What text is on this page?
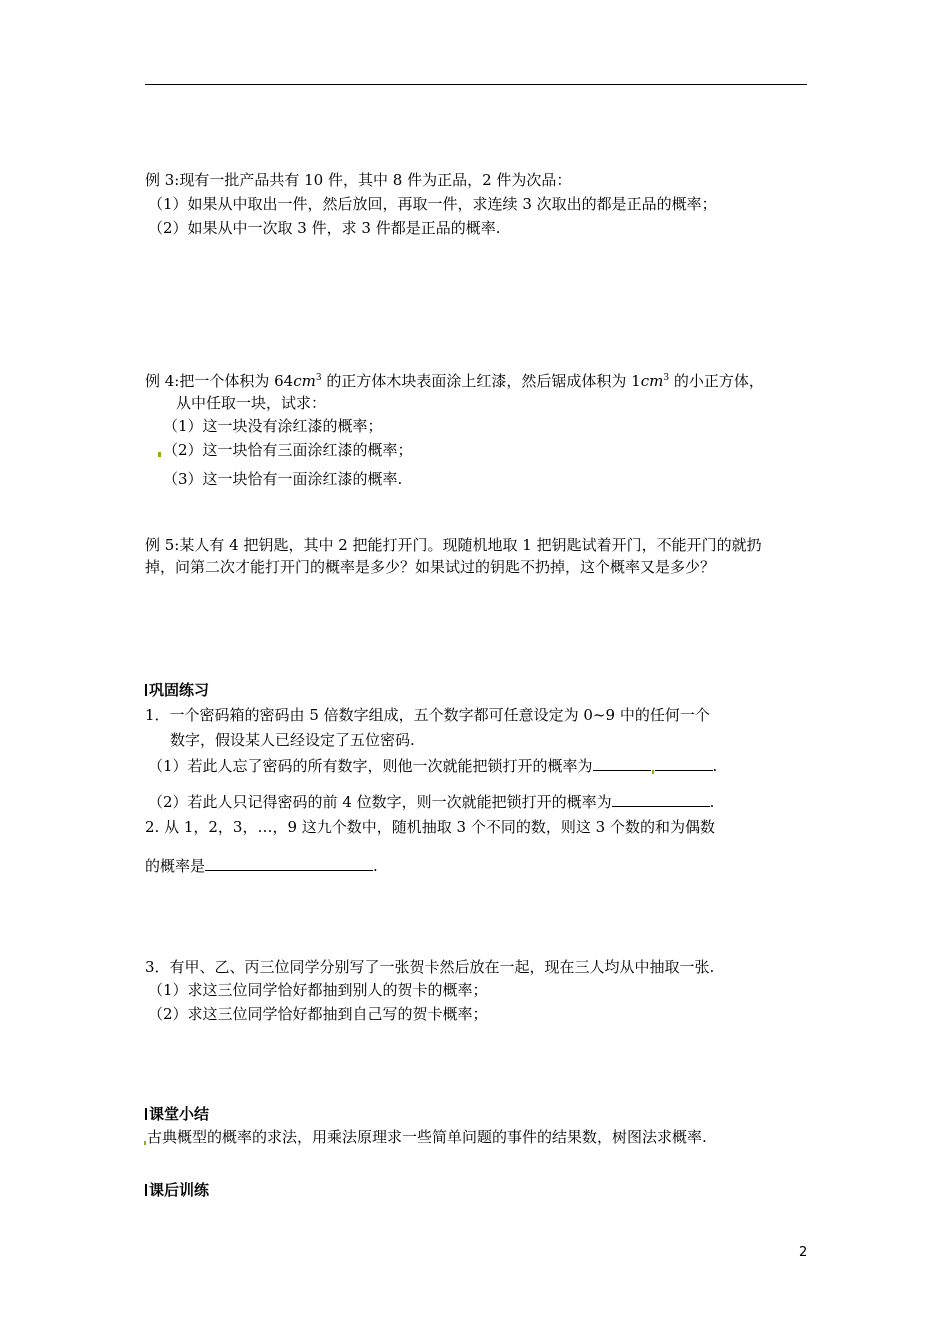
例 3:现有一批产品共有 10 件，其中 8 件为正品，2 件为次品：
（1）如果从中取出一件，然后放回，再取一件，求连续 3 次取出的都是正品的概率；
（2）如果从中一次取 3 件，求 3 件都是正品的概率.
例 4:把一个体积为 $64cm^3$ 的正方体木块表面涂上红漆，然后锯成体积为 $1cm^3$ 的小正方体，
从中任取一块，试求：
（1）这一块没有涂红漆的概率；
（2）这一块恰有三面涂红漆的概率；
（3）这一块恰有一面涂红漆的概率.
例 5:某人有 4 把钥匙，其中 2 把能打开门。现随机地取 1 把钥匙试着开门，不能开门的就扔
掉，问第二次才能打开门的概率是多少？如果试过的钥匙不扔掉，这个概率又是多少？
巩固练习
1．一个密码箱的密码由 5 倍数字组成，五个数字都可任意设定为 0~9 中的任何一个
数字，假设某人已经设定了五位密码.
（1）若此人忘了密码的所有数字，则他一次就能把锁打开的概率为	.
（2）若此人只记得密码的前 4 位数字，则一次就能把锁打开的概率为	.
2. 从 1，2，3，…，9 这九个数中，随机抽取 3 个不同的数，则这 3 个数的和为偶数
的概率是	.
3．有甲、乙、丙三位同学分别写了一张贺卡然后放在一起，现在三人均从中抽取一张.
（1）求这三位同学恰好都抽到别人的贺卡的概率；
（2）求这三位同学恰好都抽到自己写的贺卡概率；
课堂小结
古典概型的概率的求法，用乘法原理求一些简单问题的事件的结果数，树图法求概率.
课后训练
2
